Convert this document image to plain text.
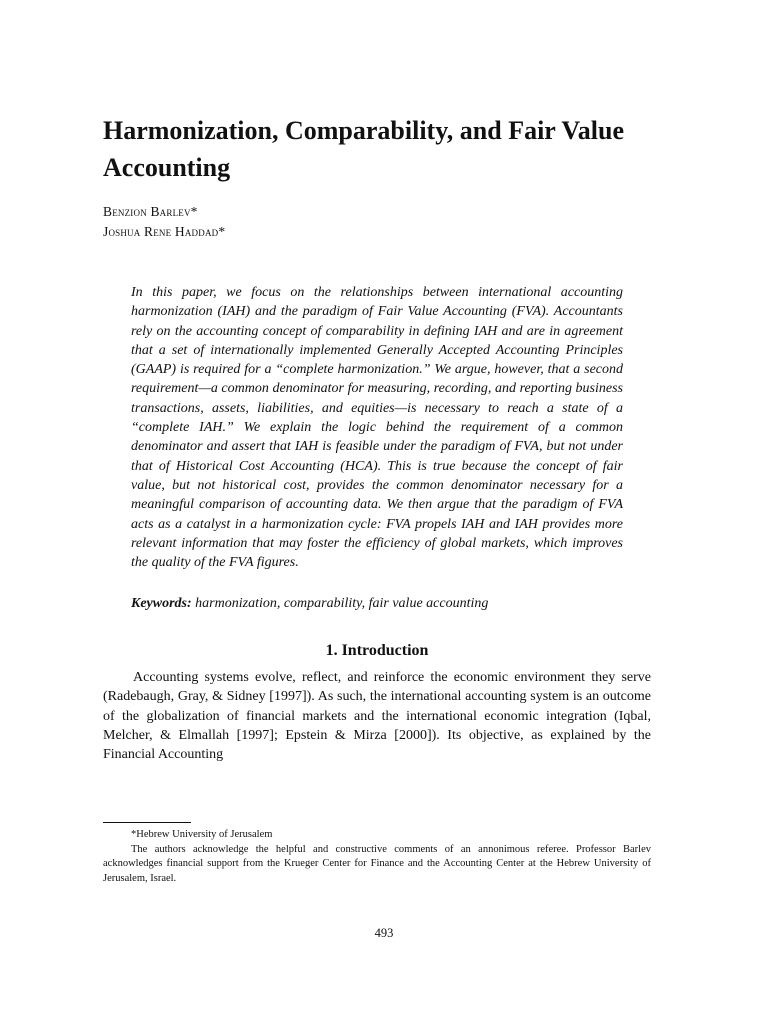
Harmonization, Comparability, and Fair Value Accounting
Benzion Barlev*
Joshua Rene Haddad*

In this paper, we focus on the relationships between international accounting harmonization (IAH) and the paradigm of Fair Value Accounting (FVA). Accountants rely on the accounting concept of comparability in defining IAH and are in agreement that a set of internationally implemented Generally Accepted Accounting Principles (GAAP) is required for a “complete harmonization.” We argue, however, that a second requirement—a common denominator for measuring, recording, and reporting business transactions, assets, liabilities, and equities—is necessary to reach a state of a “complete IAH.” We explain the logic behind the requirement of a common denominator and assert that IAH is feasible under the paradigm of FVA, but not under that of Historical Cost Accounting (HCA). This is true because the concept of fair value, but not historical cost, provides the common denominator necessary for a meaningful comparison of accounting data. We then argue that the paradigm of FVA acts as a catalyst in a harmonization cycle: FVA propels IAH and IAH provides more relevant information that may foster the efficiency of global markets, which improves the quality of the FVA figures.

Keywords: harmonization, comparability, fair value accounting

1. Introduction

Accounting systems evolve, reflect, and reinforce the economic environment they serve (Radebaugh, Gray, & Sidney [1997]). As such, the international accounting system is an outcome of the globalization of financial markets and the international economic integration (Iqbal, Melcher, & Elmallah [1997]; Epstein & Mirza [2000]). Its objective, as explained by the Financial Accounting

*Hebrew University of Jerusalem

The authors acknowledge the helpful and constructive comments of an annonimous referee. Professor Barlev acknowledges financial support from the Krueger Center for Finance and the Accounting Center at the Hebrew University of Jerusalem, Israel.

493
